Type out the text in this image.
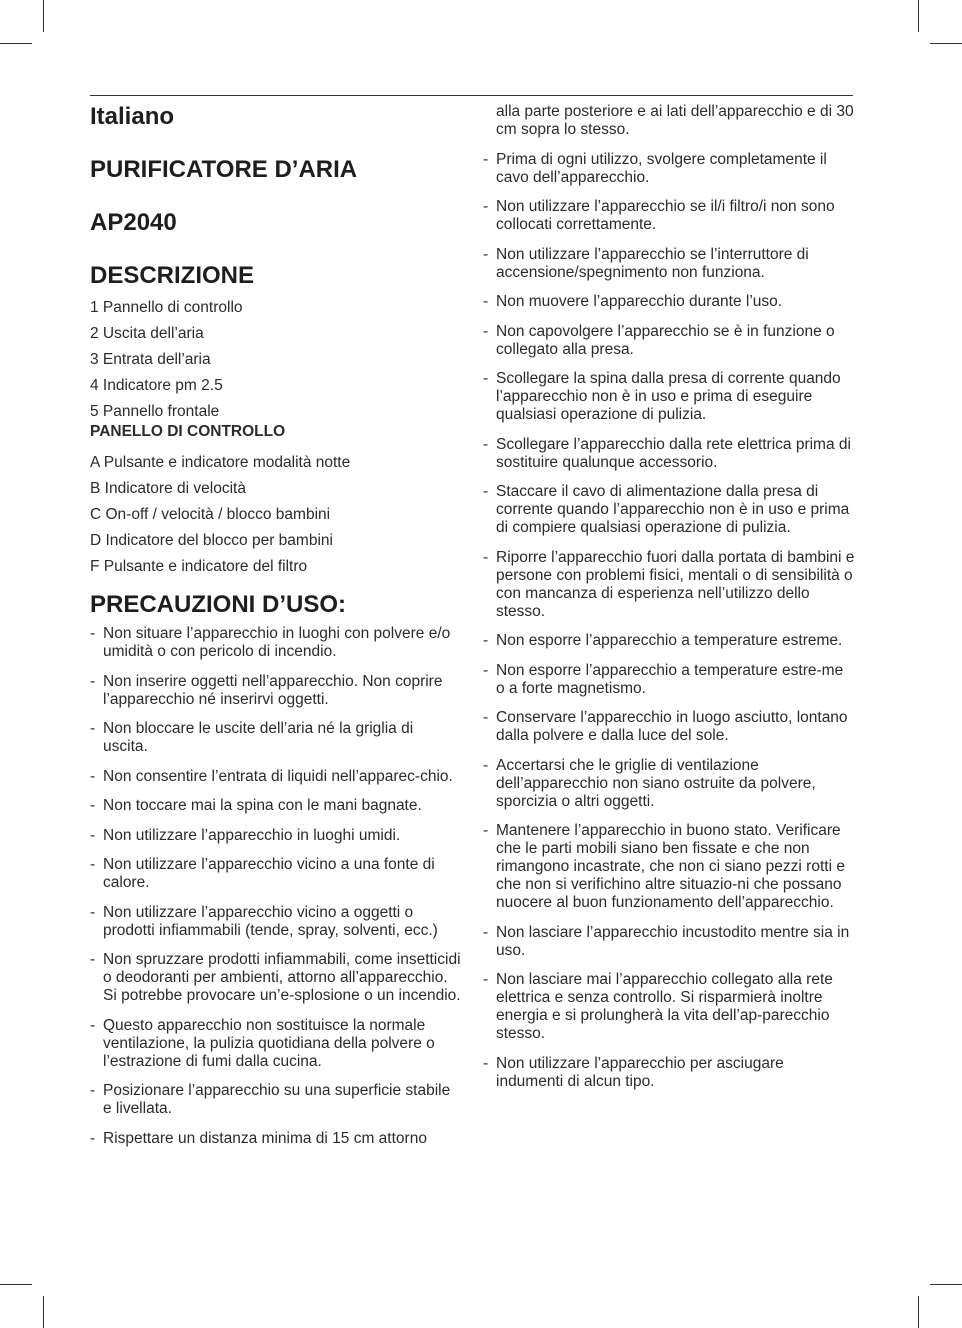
Italiano
PURIFICATORE D’ARIA
AP2040
DESCRIZIONE
1 Pannello di controllo
2 Uscita dell’aria
3 Entrata dell’aria
4 Indicatore pm 2.5
5 Pannello frontale
PANELLO DI CONTROLLO
A Pulsante e indicatore modalità notte
B Indicatore di velocità
C On-off / velocità / blocco bambini
D Indicatore del blocco per bambini
F Pulsante e indicatore del filtro
PRECAUZIONI D’USO:
- Non situare l’apparecchio in luoghi con polvere e/o umidità o con pericolo di incendio.
- Non inserire oggetti nell’apparecchio. Non coprire l’apparecchio né inserirvi oggetti.
- Non bloccare le uscite dell’aria né la griglia di uscita.
- Non consentire l’entrata di liquidi nell’apparec-chio.
- Non toccare mai la spina con le mani bagnate.
- Non utilizzare l’apparecchio in luoghi umidi.
- Non utilizzare l’apparecchio vicino a una fonte di calore.
- Non utilizzare l’apparecchio vicino a oggetti o prodotti infiammabili (tende, spray, solventi, ecc.)
- Non spruzzare prodotti infiammabili, come insetticidi o deodoranti per ambienti, attorno all’apparecchio. Si potrebbe provocare un’e-splosione o un incendio.
- Questo apparecchio non sostituisce la normale ventilazione, la pulizia quotidiana della polvere o l’estrazione di fumi dalla cucina.
- Posizionare l’apparecchio su una superficie stabile e livellata.
- Rispettare un distanza minima di 15 cm attorno

alla parte posteriore e ai lati dell’apparecchio e di 30 cm sopra lo stesso.

- Prima di ogni utilizzo, svolgere completamente il cavo dell’apparecchio.
- Non utilizzare l’apparecchio se il/i filtro/i non sono collocati correttamente.
- Non utilizzare l’apparecchio se l’interruttore di accensione/spegnimento non funziona.
- Non muovere l’apparecchio durante l’uso.
- Non capovolgere l’apparecchio se è in funzione o collegato alla presa.
- Scollegare la spina dalla presa di corrente quando l’apparecchio non è in uso e prima di eseguire qualsiasi operazione di pulizia.
- Scollegare l’apparecchio dalla rete elettrica prima di sostituire qualunque accessorio.
- Staccare il cavo di alimentazione dalla presa di corrente quando l’apparecchio non è in uso e prima di compiere qualsiasi operazione di pulizia.
- Riporre l’apparecchio fuori dalla portata di bambini e persone con problemi fisici, mentali o di sensibilità o con mancanza di esperienza nell’utilizzo dello stesso.
- Non esporre l’apparecchio a temperature estreme.
- Non esporre l’apparecchio a temperature estre-me o a forte magnetismo.
- Conservare l’apparecchio in luogo asciutto, lontano dalla polvere e dalla luce del sole.
- Accertarsi che le griglie di ventilazione dell’apparecchio non siano ostruite da polvere, sporcizia o altri oggetti.
- Mantenere l’apparecchio in buono stato. Verificare che le parti mobili siano ben fissate e che non rimangono incastrate, che non ci siano pezzi rotti e che non si verifichino altre situazio-ni che possano nuocere al buon funzionamento dell’apparecchio.
- Non lasciare l’apparecchio incustodito mentre sia in uso.
- Non lasciare mai l’apparecchio collegato alla rete elettrica e senza controllo. Si risparmierà inoltre energia e si prolungherà la vita dell’ap-parecchio stesso.
- Non utilizzare l’apparecchio per asciugare indumenti di alcun tipo.
